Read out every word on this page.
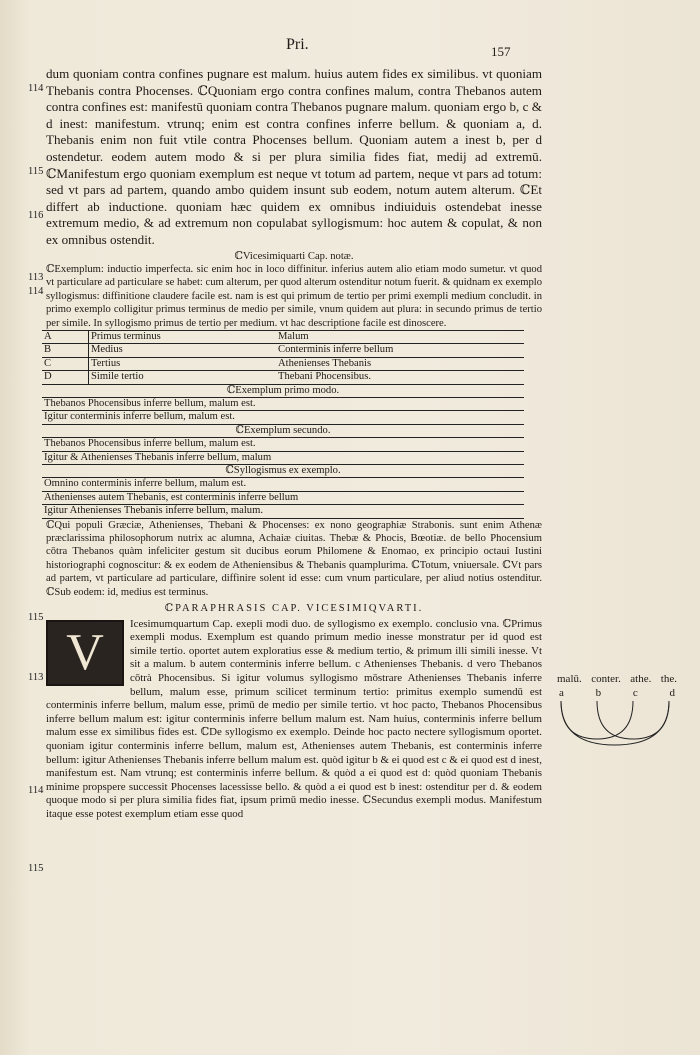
Pri.	157
114
115
116
113
114
115
113
114
115

dum quoniam contra confines pugnare est malum. huius autem fides ex similibus. vt quoniam Thebanis contra Phocenses. ℂQuoniam ergo contra confines malum, contra Thebanos autem contra confines est: manifestū quoniam contra Thebanos pugnare malum. quoniam ergo b, c & d inest: manifestum. vtrunq; enim est contra confines inferre bellum. & quoniam a, d. Thebanis enim non fuit vtile contra Phocenses bellum. Quoniam autem a inest b, per d ostendetur. eodem autem modo & si per plura similia fides fiat, medij ad extremū. ℂManifestum ergo quoniam exemplum est neque vt totum ad partem, neque vt pars ad totum: sed vt pars ad partem, quando ambo quidem insunt sub eodem, notum autem alterum. ℂEt differt ab inductione. quoniam hæc quidem ex omnibus indiuiduis ostendebat inesse extremum medio, & ad extremum non copulabat syllogismum: hoc autem & copulat, & non ex omnibus ostendit.

ℂVicesimiquarti Cap. notæ.

ℂExemplum: inductio imperfecta. sic enim hoc in loco diffinitur. inferius autem alio etiam modo sumetur. vt quod vt particulare ad particulare se habet: cum alterum, per quod alterum ostenditur notum fuerit. & quidnam ex exemplo syllogismus: diffinitione claudere facile est. nam is est qui primum de tertio per primi exempli medium concludit. in primo exemplo colligitur primus terminus de medio per simile, vnum quidem aut plura: in secundo primus de tertio per simile. In syllogismo primus de tertio per medium. vt hac descriptione facile est dinoscere.

A	Primus terminus	Malum
B	Medius	Conterminis inferre bellum
C	Tertius	Athenienses Thebanis
D	Simile tertio	Thebani Phocensibus.
ℂExemplum primo modo.		
Thebanos Phocensibus inferre bellum, malum est.		
Igitur conterminis inferre bellum, malum est.		
ℂExemplum secundo.		
Thebanos Phocensibus inferre bellum, malum est.		
Igitur & Athenienses Thebanis inferre bellum, malum		
ℂSyllogismus ex exemplo.		
Omnino conterminis inferre bellum, malum est.		
Athenienses autem Thebanis, est conterminis inferre bellum		
Igitur Athenienses Thebanis inferre bellum, malum.		

ℂQui populi Græciæ, Athenienses, Thebani & Phocenses: ex nono geographiæ Strabonis. sunt enim Athenæ præclarissima philosophorum nutrix ac alumna, Achaiæ ciuitas. Thebæ & Phocis, Bœotiæ. de bello Phocensium cōtra Thebanos quàm infeliciter gestum sit ducibus eorum Philomene & Enomao, ex principio octaui Iustini historiographi cognoscitur: & ex eodem de Atheniensibus & Thebanis quamplurima. ℂTotum, vniuersale. ℂVt pars ad partem, vt particulare ad particulare, diffinire solent id esse: cum vnum particulare, per aliud notius ostenditur. ℂSub eodem: id, medius est terminus.

ℂPARAPHRASIS CAP. VICESIMIQVARTI.
V	Icesimumquartum Cap. exepli modi duo. de syllogismo ex exemplo. conclusio vna. ℂPrimus exempli modus. Exemplum est quando primum medio inesse monstratur per id quod est simile tertio. oportet autem exploratius esse & medium tertio, & primum illi simili inesse. Vt sit a malum. b autem conterminis inferre bellum. c Athenienses Thebanis. d vero Thebanos cōtrà Phocensibus. Si igitur volumus syllogismo mōstrare Athenienses Thebanis inferre bellum, malum esse, primum scilicet terminum tertio: primitus exemplo sumendū est conterminis inferre bellum, malum esse, primū de medio per simile tertio. vt hoc pacto, Thebanos Phocensibus inferre bellum malum est: igitur conterminis inferre bellum malum est. Nam huius, conterminis inferre bellum malum esse ex similibus fides est. ℂDe syllogismo ex exemplo. Deinde hoc pacto nectere syllogismum oportet. quoniam igitur conterminis inferre bellum, malum est, Athenienses autem Thebanis, est conterminis inferre bellum: igitur Athenienses Thebanis inferre bellum malum est. quòd igitur b & ei quod est c & ei quod est d inest, manifestum est. Nam vtrunq; est conterminis inferre bellum. & quòd a ei quod est d: quòd quoniam Thebanis minime propspere successit Phocenses lacessisse bello. & quòd a ei quod est b inest: ostenditur per d. & eodem quoque modo si per plura similia fides fiat, ipsum primū medio inesse. ℂSecundus exempli modus. Manifestum itaque esse potest exemplum etiam esse quod

malū. conter. athe. the.
a	b	c	d
